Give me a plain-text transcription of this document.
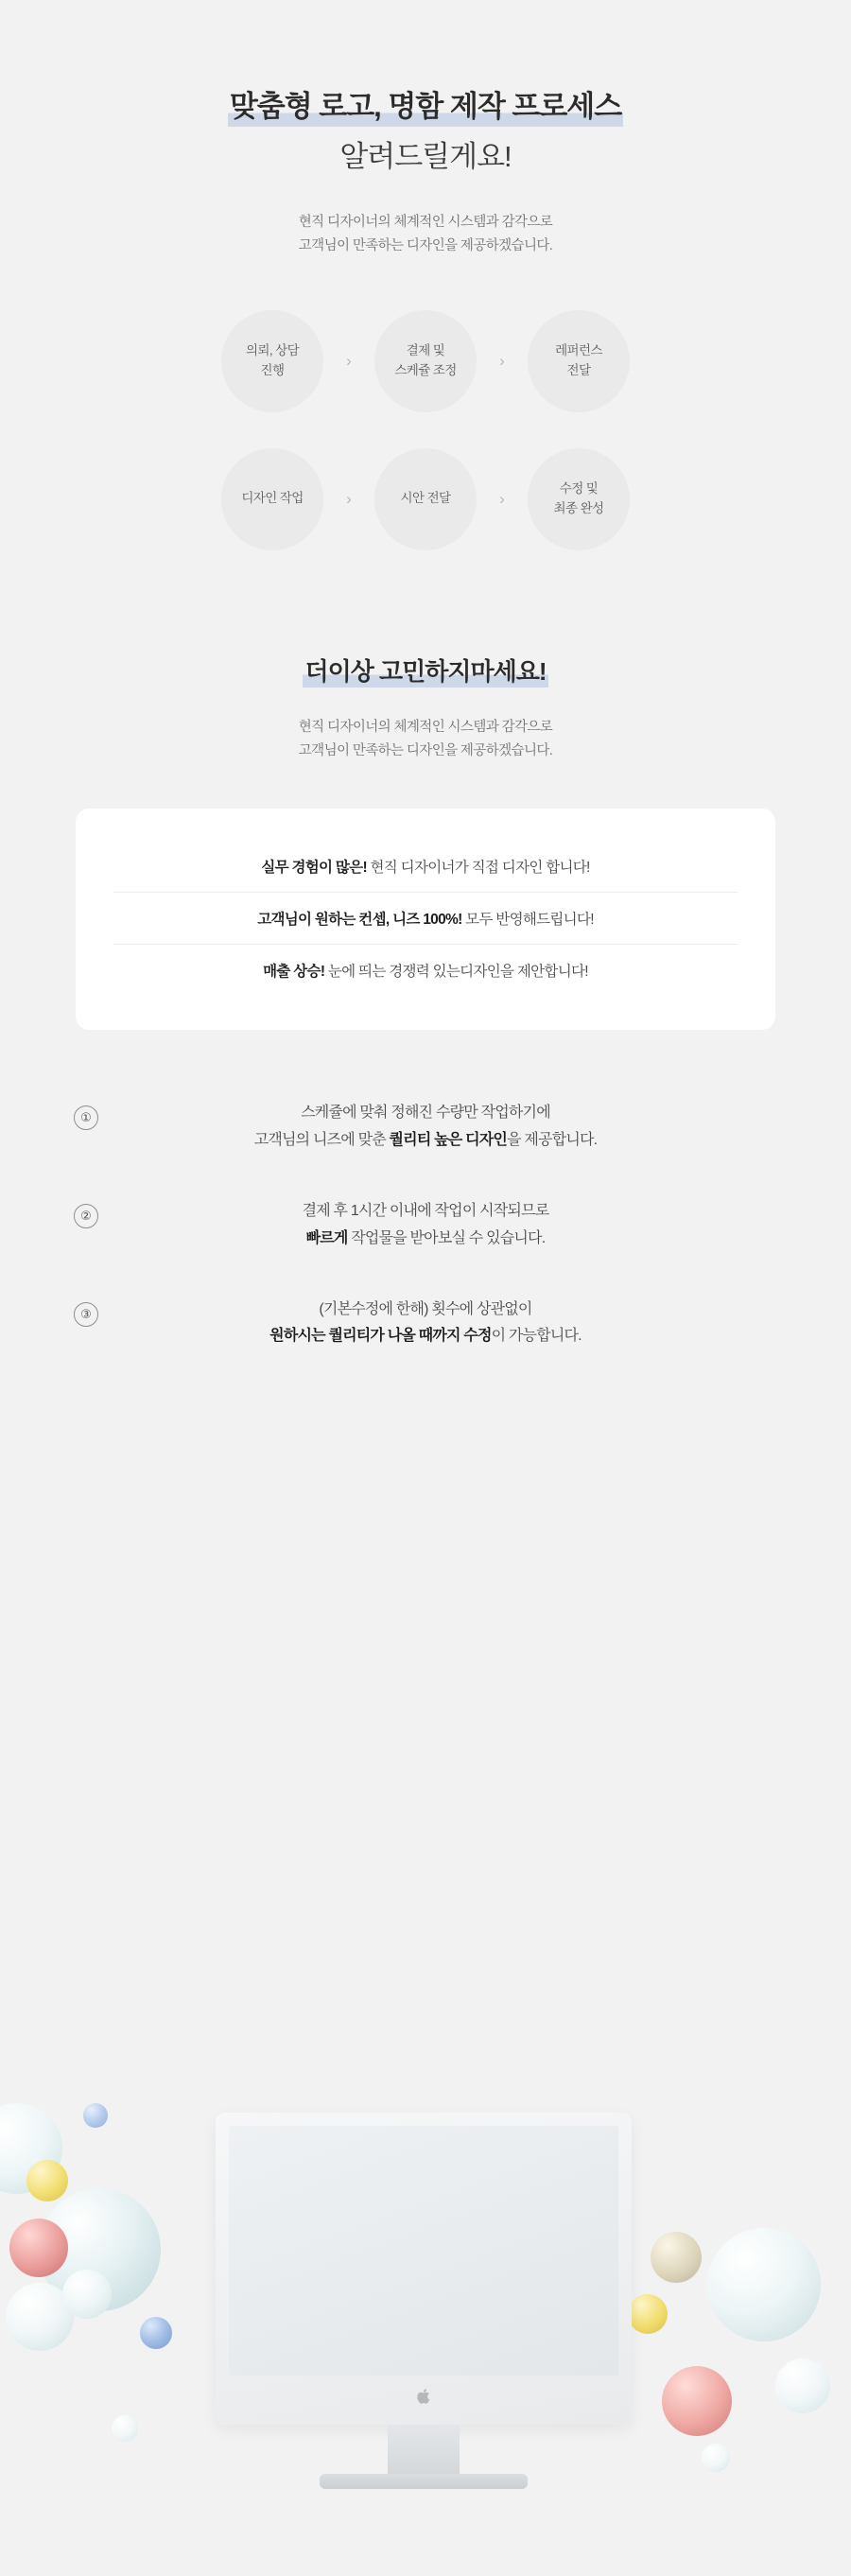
맞춤형 로고, 명함 제작 프로세스
알려드릴게요!
현직 디자이너의 체계적인 시스템과 감각으로
고객님이 만족하는 디자인을 제공하겠습니다.
의뢰, 상담
진행
›
결제 및
스케쥴 조정
›
레퍼런스
전달
디자인 작업	›	시안 전달	›
수정 및
최종 완성
더이상 고민하지마세요!
현직 디자이너의 체계적인 시스템과 감각으로
고객님이 만족하는 디자인을 제공하겠습니다.
실무 경험이 많은! 현직 디자이너가 직접 디자인 합니다!
고객님이 원하는 컨셉, 니즈 100%! 모두 반영해드립니다!
매출 상승! 눈에 띄는 경쟁력 있는디자인을 제안합니다!
①	스케쥴에 맞춰 정해진 수량만 작업하기에
고객님의 니즈에 맞춘 퀄리티 높은 디자인을 제공합니다.
②	결제 후 1시간 이내에 작업이 시작되므로
빠르게 작업물을 받아보실 수 있습니다.
③	(기본수정에 한해) 횟수에 상관없이
원하시는 퀄리티가 나올 때까지 수정이 가능합니다.
